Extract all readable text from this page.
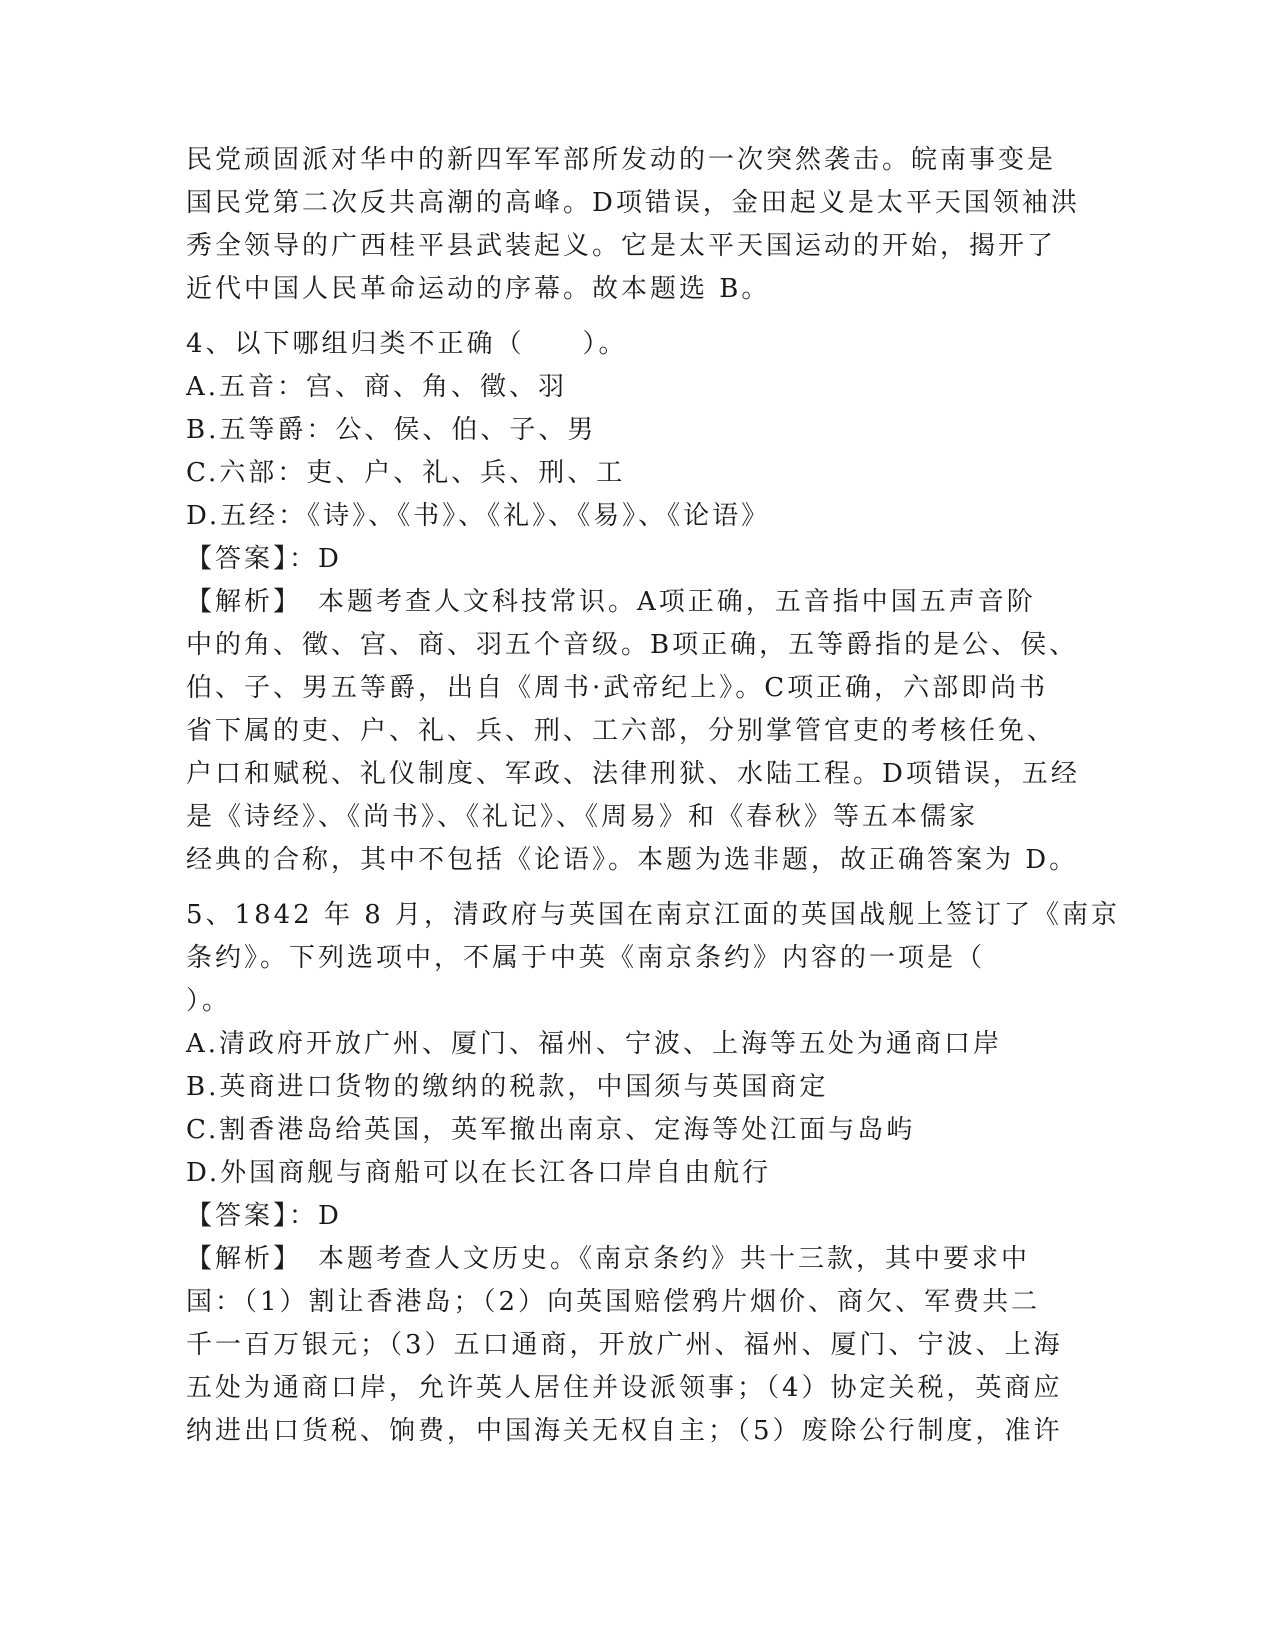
民党顽固派对华中的新四军军部所发动的一次突然袭击。皖南事变是
国民党第二次反共高潮的高峰。D项错误，金田起义是太平天国领袖洪
秀全领导的广西桂平县武装起义。它是太平天国运动的开始，揭开了
近代中国人民革命运动的序幕。故本题选 B。
4、以下哪组归类不正确（　　）。
A.五音：宫、商、角、徵、羽
B.五等爵：公、侯、伯、子、男
C.六部：吏、户、礼、兵、刑、工
D.五经：《诗》、《书》、《礼》、《易》、《论语》
【答案】：D
【解析】　本题考查人文科技常识。A项正确，五音指中国五声音阶
中的角、徵、宫、商、羽五个音级。B项正确，五等爵指的是公、侯、
伯、子、男五等爵，出自《周书·武帝纪上》。C项正确，六部即尚书
省下属的吏、户、礼、兵、刑、工六部，分别掌管官吏的考核任免、
户口和赋税、礼仪制度、军政、法律刑狱、水陆工程。D项错误，五经
是《诗经》、《尚书》、《礼记》、《周易》和《春秋》等五本儒家
经典的合称，其中不包括《论语》。本题为选非题，故正确答案为 D。
5、1842 年 8 月，清政府与英国在南京江面的英国战舰上签订了《南京
条约》。下列选项中，不属于中英《南京条约》内容的一项是（
）。
A.清政府开放广州、厦门、福州、宁波、上海等五处为通商口岸
B.英商进口货物的缴纳的税款，中国须与英国商定
C.割香港岛给英国，英军撤出南京、定海等处江面与岛屿
D.外国商舰与商船可以在长江各口岸自由航行
【答案】：D
【解析】　本题考查人文历史。《南京条约》共十三款，其中要求中
国：（1）割让香港岛；（2）向英国赔偿鸦片烟价、商欠、军费共二
千一百万银元；（3）五口通商，开放广州、福州、厦门、宁波、上海
五处为通商口岸，允许英人居住并设派领事；（4）协定关税，英商应
纳进出口货税、饷费，中国海关无权自主；（5）废除公行制度，准许
